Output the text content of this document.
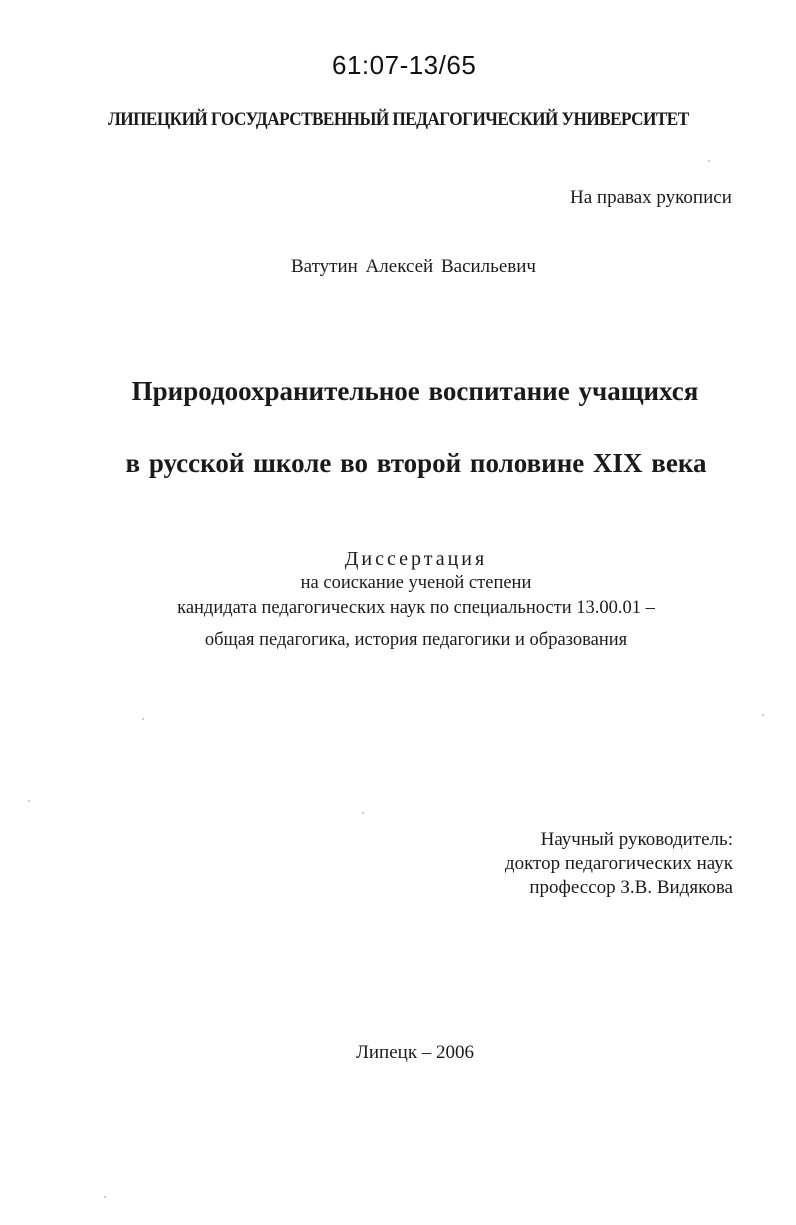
61:07-13/65
ЛИПЕЦКИЙ ГОСУДАРСТВЕННЫЙ ПЕДАГОГИЧЕСКИЙ УНИВЕРСИТЕТ
На правах рукописи
Ватутин Алексей Васильевич
Природоохранительное воспитание учащихся
в русской школе во второй половине XIX века
Диссертация
на соискание ученой степени
кандидата педагогических наук по специальности 13.00.01 –
общая педагогика, история педагогики и образования
Научный руководитель:
доктор педагогических наук
профессор З.В. Видякова
Липецк – 2006
